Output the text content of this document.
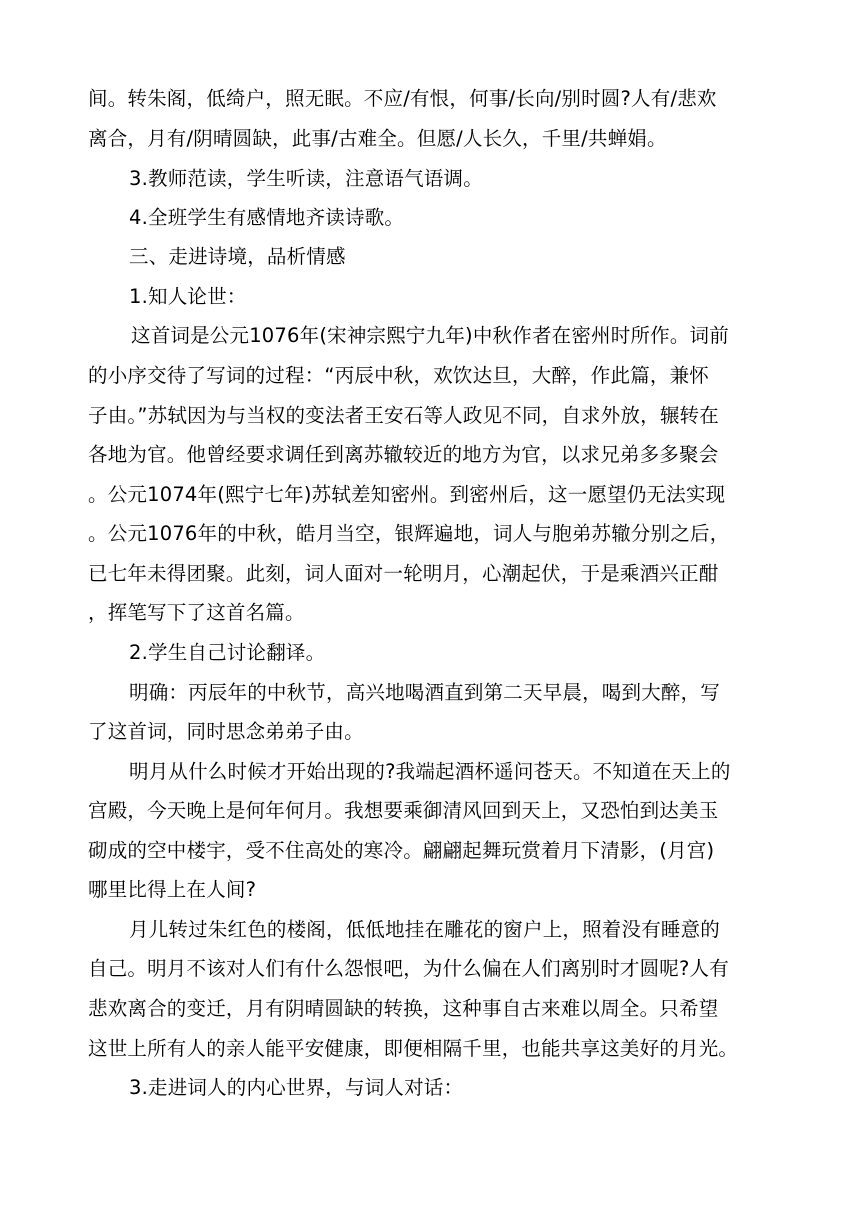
间。转朱阁，低绮户，照无眠。不应/有恨，何事/长向/别时圆?人有/悲欢
离合，月有/阴晴圆缺，此事/古难全。但愿/人长久，千里/共蝉娟。
3.教师范读，学生听读，注意语气语调。
4.全班学生有感情地齐读诗歌。
三、走进诗境，品析情感
1.知人论世：
这首词是公元1076年(宋神宗熙宁九年)中秋作者在密州时所作。词前
的小序交待了写词的过程：“丙辰中秋，欢饮达旦，大醉，作此篇，兼怀
子由。”苏轼因为与当权的变法者王安石等人政见不同，自求外放，辗转在
各地为官。他曾经要求调任到离苏辙较近的地方为官，以求兄弟多多聚会
。公元1074年(熙宁七年)苏轼差知密州。到密州后，这一愿望仍无法实现
。公元1076年的中秋，皓月当空，银辉遍地，词人与胞弟苏辙分别之后，
已七年未得团聚。此刻，词人面对一轮明月，心潮起伏，于是乘酒兴正酣
，挥笔写下了这首名篇。
2.学生自己讨论翻译。
明确：丙辰年的中秋节，高兴地喝酒直到第二天早晨，喝到大醉，写
了这首词，同时思念弟弟子由。
明月从什么时候才开始出现的?我端起酒杯遥问苍天。不知道在天上的
宫殿，今天晚上是何年何月。我想要乘御清风回到天上，又恐怕到达美玉
砌成的空中楼宇，受不住高处的寒冷。翩翩起舞玩赏着月下清影，(月宫)
哪里比得上在人间?
月儿转过朱红色的楼阁，低低地挂在雕花的窗户上，照着没有睡意的
自己。明月不该对人们有什么怨恨吧，为什么偏在人们离别时才圆呢?人有
悲欢离合的变迁，月有阴晴圆缺的转换，这种事自古来难以周全。只希望
这世上所有人的亲人能平安健康，即便相隔千里，也能共享这美好的月光。
3.走进词人的内心世界，与词人对话：
